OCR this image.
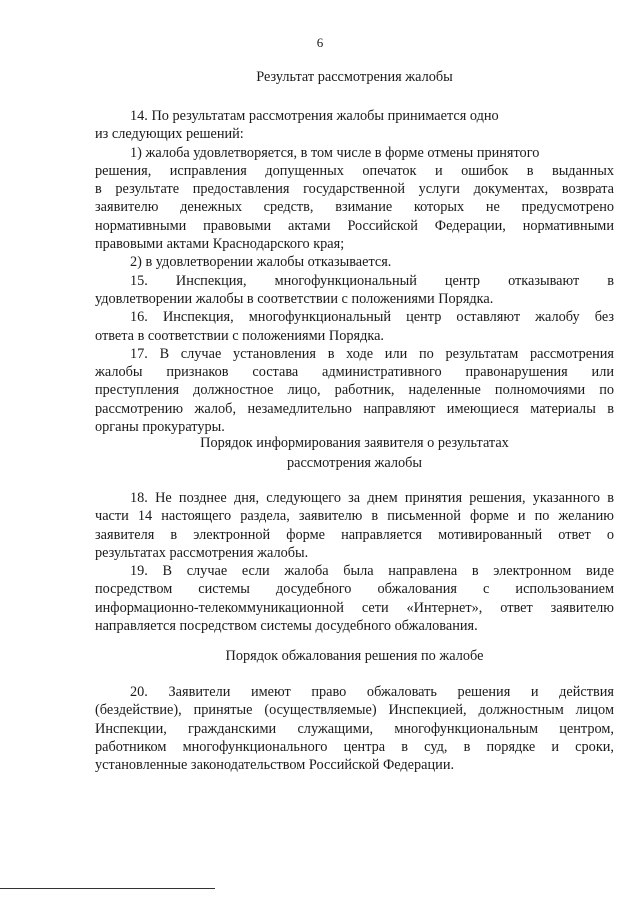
6
Результат рассмотрения жалобы

14. По результатам рассмотрения жалобы принимается одно
из следующих решений:

1) жалоба удовлетворяется, в том числе в форме отмены принятого
решения, исправления допущенных опечаток и ошибок в выданных
в результате предоставления государственной услуги документах, возврата
заявителю денежных средств, взимание которых не предусмотрено
нормативными правовыми актами Российской Федерации, нормативными
правовыми актами Краснодарского края;

2) в удовлетворении жалобы отказывается.

15. Инспекция, многофункциональный центр отказывают в
удовлетворении жалобы в соответствии с положениями Порядка.

16. Инспекция, многофункциональный центр оставляют жалобу без
ответа в соответствии с положениями Порядка.

17. В случае установления в ходе или по результатам рассмотрения
жалобы признаков состава административного правонарушения или
преступления должностное лицо, работник, наделенные полномочиями по
рассмотрению жалоб, незамедлительно направляют имеющиеся материалы в
органы прокуратуры.

Порядок информирования заявителя о результатах
рассмотрения жалобы

18. Не позднее дня, следующего за днем принятия решения, указанного в
части 14 настоящего раздела, заявителю в письменной форме и по желанию
заявителя в электронной форме направляется мотивированный ответ о
результатах рассмотрения жалобы.

19. В случае если жалоба была направлена в электронном виде
посредством системы досудебного обжалования с использованием
информационно-телекоммуникационной сети «Интернет», ответ заявителю
направляется посредством системы досудебного обжалования.

Порядок обжалования решения по жалобе

20. Заявители имеют право обжаловать решения и действия
(бездействие), принятые (осуществляемые) Инспекцией, должностным лицом
Инспекции, гражданскими служащими, многофункциональным центром,
работником многофункционального центра в суд, в порядке и сроки,
установленные законодательством Российской Федерации.
